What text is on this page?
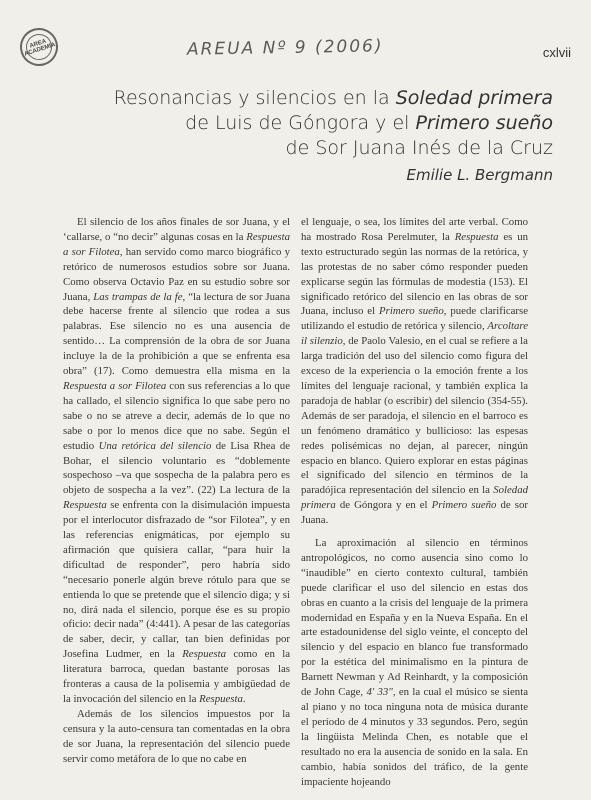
AREA ACADEMIA	AREUA Nº 9 (2006)	cxlvii
Resonancias y silencios en la Soledad primera
de Luis de Góngora y el Primero sueño
de Sor Juana Inés de la Cruz
Emilie L. Bergmann

El silencio de los años finales de sor Juana, y el ‘callarse, o “no decir” algunas cosas en la Respuesta a sor Filotea, han servido como marco biográfico y retórico de numerosos estudios sobre sor Juana. Como observa Octavio Paz en su estudio sobre sor Juana, Las trampas de la fe, “la lectura de sor Juana debe hacerse frente al silencio que rodea a sus palabras. Ese silencio no es una ausencia de sentido… La comprensión de la obra de sor Juana incluye la de la prohibición a que se enfrenta esa obra” (17). Como demuestra ella misma en la Respuesta a sor Filotea con sus referencias a lo que ha callado, el silencio significa lo que sabe pero no sabe o no se atreve a decir, además de lo que no sabe o por lo menos dice que no sabe. Según el estudio Una retórica del silencio de Lisa Rhea de Bohar, el silencio voluntario es “doblemente sospechoso –va que sospecha de la palabra pero es objeto de sospecha a la vez”. (22) La lectura de la Respuesta se enfrenta con la disimulación impuesta por el interlocutor disfrazado de “sor Filotea”, y en las referencias enigmáticas, por ejemplo su afirmación que quisiera callar, “para huir la dificultad de responder”, pero habría sido “necesario ponerle algún breve rótulo para que se entienda lo que se pretende que el silencio diga; y si no, dirá nada el silencio, porque ése es su propio oficio: decir nada” (4:441). A pesar de las categorías de saber, decir, y callar, tan bien definidas por Josefina Ludmer, en la Respuesta como en la literatura barroca, quedan bastante porosas las fronteras a causa de la polisemia y ambigüedad de la invocación del silencio en la Respuesta.

Además de los silencios impuestos por la censura y la auto-censura tan comentadas en la obra de sor Juana, la representación del silencio puede servir como metáfora de lo que no cabe en

el lenguaje, o sea, los límites del arte verbal. Como ha mostrado Rosa Perelmuter, la Respuesta es un texto estructurado según las normas de la retórica, y las protestas de no saber cómo responder pueden explicarse según las fórmulas de modestia (153). El significado retórico del silencio en las obras de sor Juana, incluso el Primero sueño, puede clarificarse utilizando el estudio de retórica y silencio, Arcoltare il silenzio, de Paolo Valesio, en el cual se refiere a la larga tradición del uso del silencio como figura del exceso de la experiencia o la emoción frente a los límites del lenguaje racional, y también explica la paradoja de hablar (o escribir) del silencio (354-55). Además de ser paradoja, el silencio en el barroco es un fenómeno dramático y bullicioso: las espesas redes polisémicas no dejan, al parecer, ningún espacio en blanco. Quiero explorar en estas páginas el significado del silencio en términos de la paradójica representación del silencio en la Soledad primera de Góngora y en el Primero sueño de sor Juana.

La aproximación al silencio en términos antropológicos, no como ausencia sino como lo “inaudible” en cierto contexto cultural, también puede clarificar el uso del silencio en estas dos obras en cuanto a la crisis del lenguaje de la primera modernidad en España y en la Nueva España. En el arte estadounidense del siglo veinte, el concepto del silencio y del espacio en blanco fue transformado por la estética del minimalismo en la pintura de Barnett Newman y Ad Reinhardt, y la composición de John Cage, 4' 33", en la cual el músico se sienta al piano y no toca ninguna nota de música durante el período de 4 minutos y 33 segundos. Pero, según la lingüista Melinda Chen, es notable que el resultado no era la ausencia de sonido en la sala. En cambio, había sonidos del tráfico, de la gente impaciente hojeando
